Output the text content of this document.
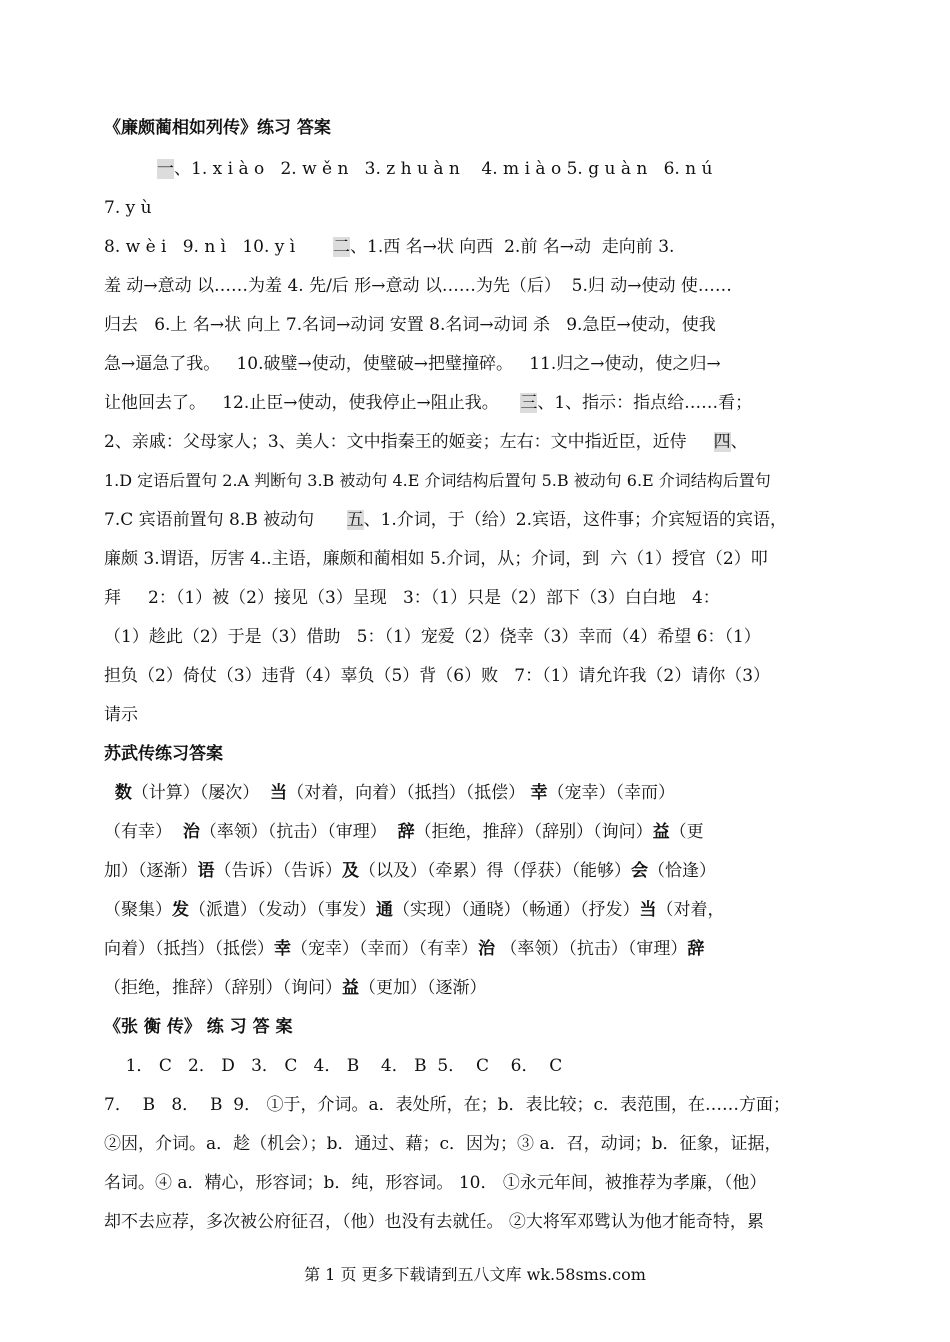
《廉颇蔺相如列传》练习 答案
一、1. x i à o   2. w ě n   3. z h u à n    4. m i à o 5. g u à n   6. n ú
7. y ù
8. w è i   9. n ì   10. y ì       二、1.西 名→状 向西  2.前 名→动  走向前 3.
羞 动→意动 以……为羞 4. 先/后 形→意动 以……为先（后）  5.归 动→使动 使……
归去   6.上 名→状 向上 7.名词→动词 安置 8.名词→动词 杀   9.急臣→使动，使我
急→逼急了我。   10.破璧→使动，使璧破→把璧撞碎。   11.归之→使动，使之归→
让他回去了。   12.止臣→使动，使我停止→阻止我。    三、1、指示：指点给……看；
2、亲戚：父母家人；3、美人：文中指秦王的姬妾；左右：文中指近臣，近侍     四、
1.D 定语后置句 2.A 判断句 3.B 被动句 4.E 介词结构后置句 5.B 被动句 6.E 介词结构后置句
7.C 宾语前置句 8.B 被动句      五、1.介词，于（给）2.宾语，这件事；介宾短语的宾语，
廉颇 3.谓语，厉害 4..主语，廉颇和蔺相如 5.介词，从；介词，到  六（1）授官（2）叩
拜     2：（1）被（2）接见（3）呈现   3：（1）只是（2）部下（3）白白地   4：
（1）趁此（2）于是（3）借助   5：（1）宠爱（2）侥幸（3）幸而（4）希望 6：（1）
担负（2）倚仗（3）违背（4）辜负（5）背（6）败   7：（1）请允许我（2）请你（3）
请示
苏武传练习答案
数（计算）（屡次）  当（对着，向着）（抵挡）（抵偿） 幸（宠幸）（幸而）
（有幸）  治（率领）（抗击）（审理）  辞（拒绝，推辞）（辞别）（询问）益（更
加）（逐渐）语（告诉）（告诉）及（以及）（牵累）得（俘获）（能够）会（恰逢）
（聚集）发（派遣）（发动）（事发）通（实现）（通晓）（畅通）（抒发）当（对着，
向着）（抵挡）（抵偿）幸（宠幸）（幸而）（有幸）治 （率领）（抗击）（审理）辞
（拒绝，推辞）（辞别）（询问）益（更加）（逐渐）
《张 衡 传》 练 习 答 案
1． C   2． D   3． C   4． B    4． B  5．  C    6．  C
7．  B   8．  B  9． ①于，介词。a．表处所，在；b．表比较；c．表范围，在……方面；
②因，介词。a．趁（机会）；b．通过、藉；c．因为；③ a．召，动词；b．征象，证据，
名词。④ a．精心，形容词；b．纯，形容词。 10． ①永元年间，被推荐为孝廉，（他）
却不去应荐，多次被公府征召，（他）也没有去就任。 ②大将军邓骘认为他才能奇特，累
第 1 页 更多下载请到五八文库 wk.58sms.com
